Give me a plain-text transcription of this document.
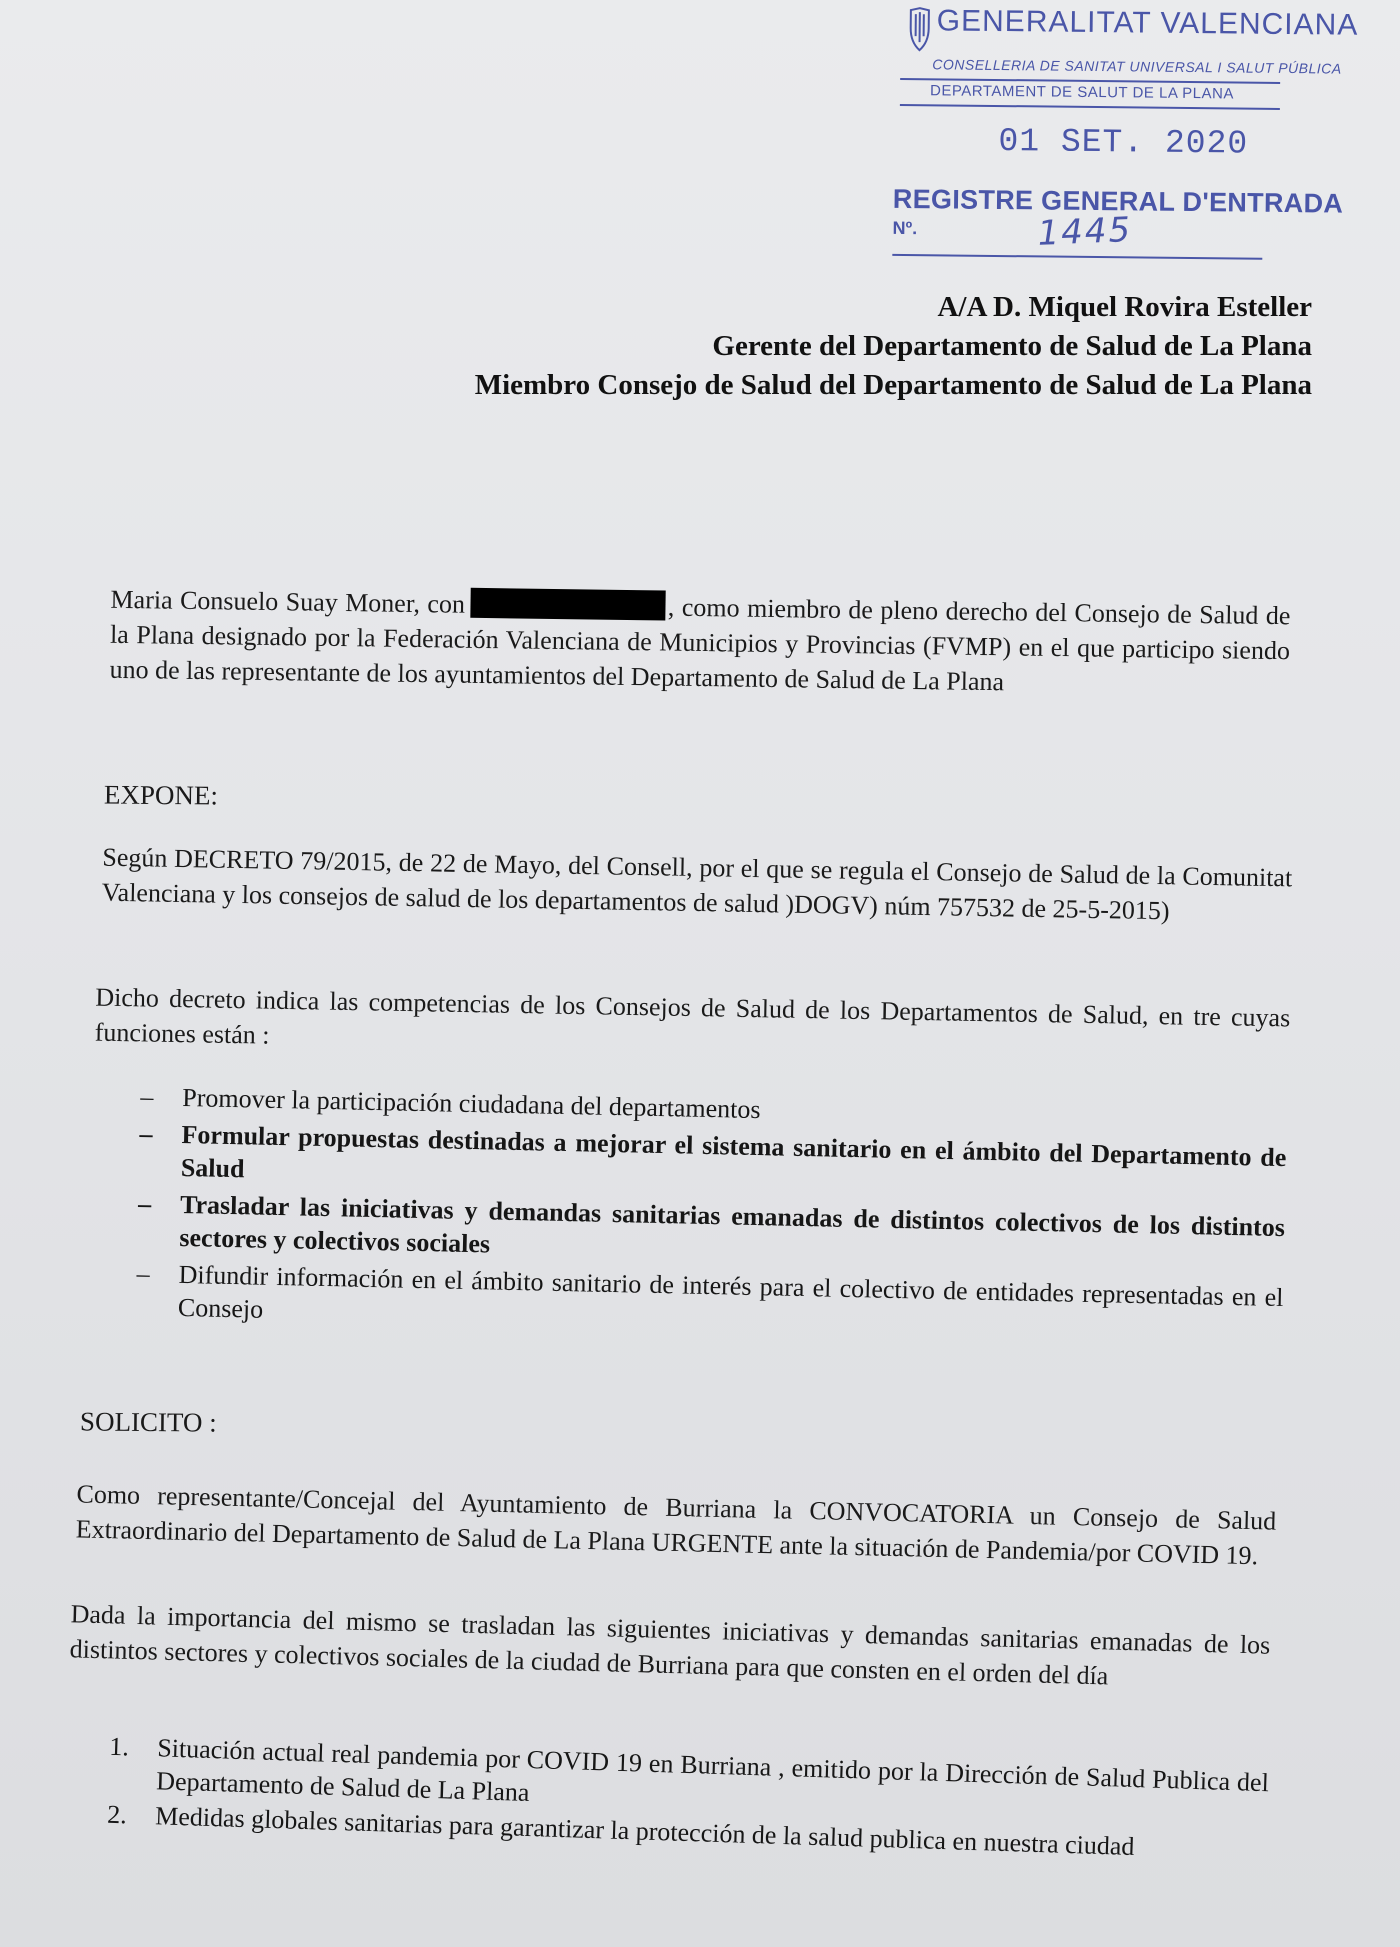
GENERALITAT VALENCIANA
CONSELLERIA DE SANITAT UNIVERSAL I SALUT PÚBLICA
DEPARTAMENT DE SALUT DE LA PLANA
01 SET. 2020
REGISTRE GENERAL D'ENTRADA
Nº.	1445
A/A D. Miquel Rovira Esteller
Gerente del Departamento de Salud de La Plana
Miembro Consejo de Salud del Departamento de Salud de La Plana
Maria Consuelo Suay Moner, con	, como miembro de pleno derecho del Consejo de Salud de la Plana designado por la Federación Valenciana de Municipios y Provincias (FVMP) en el que participo siendo uno de las representante de los ayuntamientos del Departamento de Salud de La Plana
EXPONE:
Según DECRETO 79/2015, de 22 de Mayo, del Consell, por el que se regula el Consejo de Salud de la Comunitat Valenciana y los consejos de salud de los departamentos de salud )DOGV) núm 757532 de 25-5-2015)
Dicho decreto indica las competencias de los Consejos de Salud de los Departamentos de Salud, en tre cuyas funciones están :
– Promover la participación ciudadana del departamentos
– Formular propuestas destinadas a mejorar el sistema sanitario en el ámbito del Departamento de Salud
– Trasladar las iniciativas y demandas sanitarias emanadas de distintos colectivos de los distintos sectores y colectivos sociales
– Difundir información en el ámbito sanitario de interés para el colectivo de entidades representadas en el Consejo
SOLICITO :
Como representante/Concejal del Ayuntamiento de Burriana la CONVOCATORIA un Consejo de Salud Extraordinario del Departamento de Salud de La Plana URGENTE ante la situación de Pandemia/por COVID 19.
Dada la importancia del mismo se trasladan las siguientes iniciativas y demandas sanitarias emanadas de los distintos sectores y colectivos sociales de la ciudad de Burriana para que consten en el orden del día
1. Situación actual real pandemia por COVID 19 en Burriana , emitido por la Dirección de Salud Publica del Departamento de Salud de La Plana
2. Medidas globales sanitarias para garantizar la protección de la salud publica en nuestra ciudad
